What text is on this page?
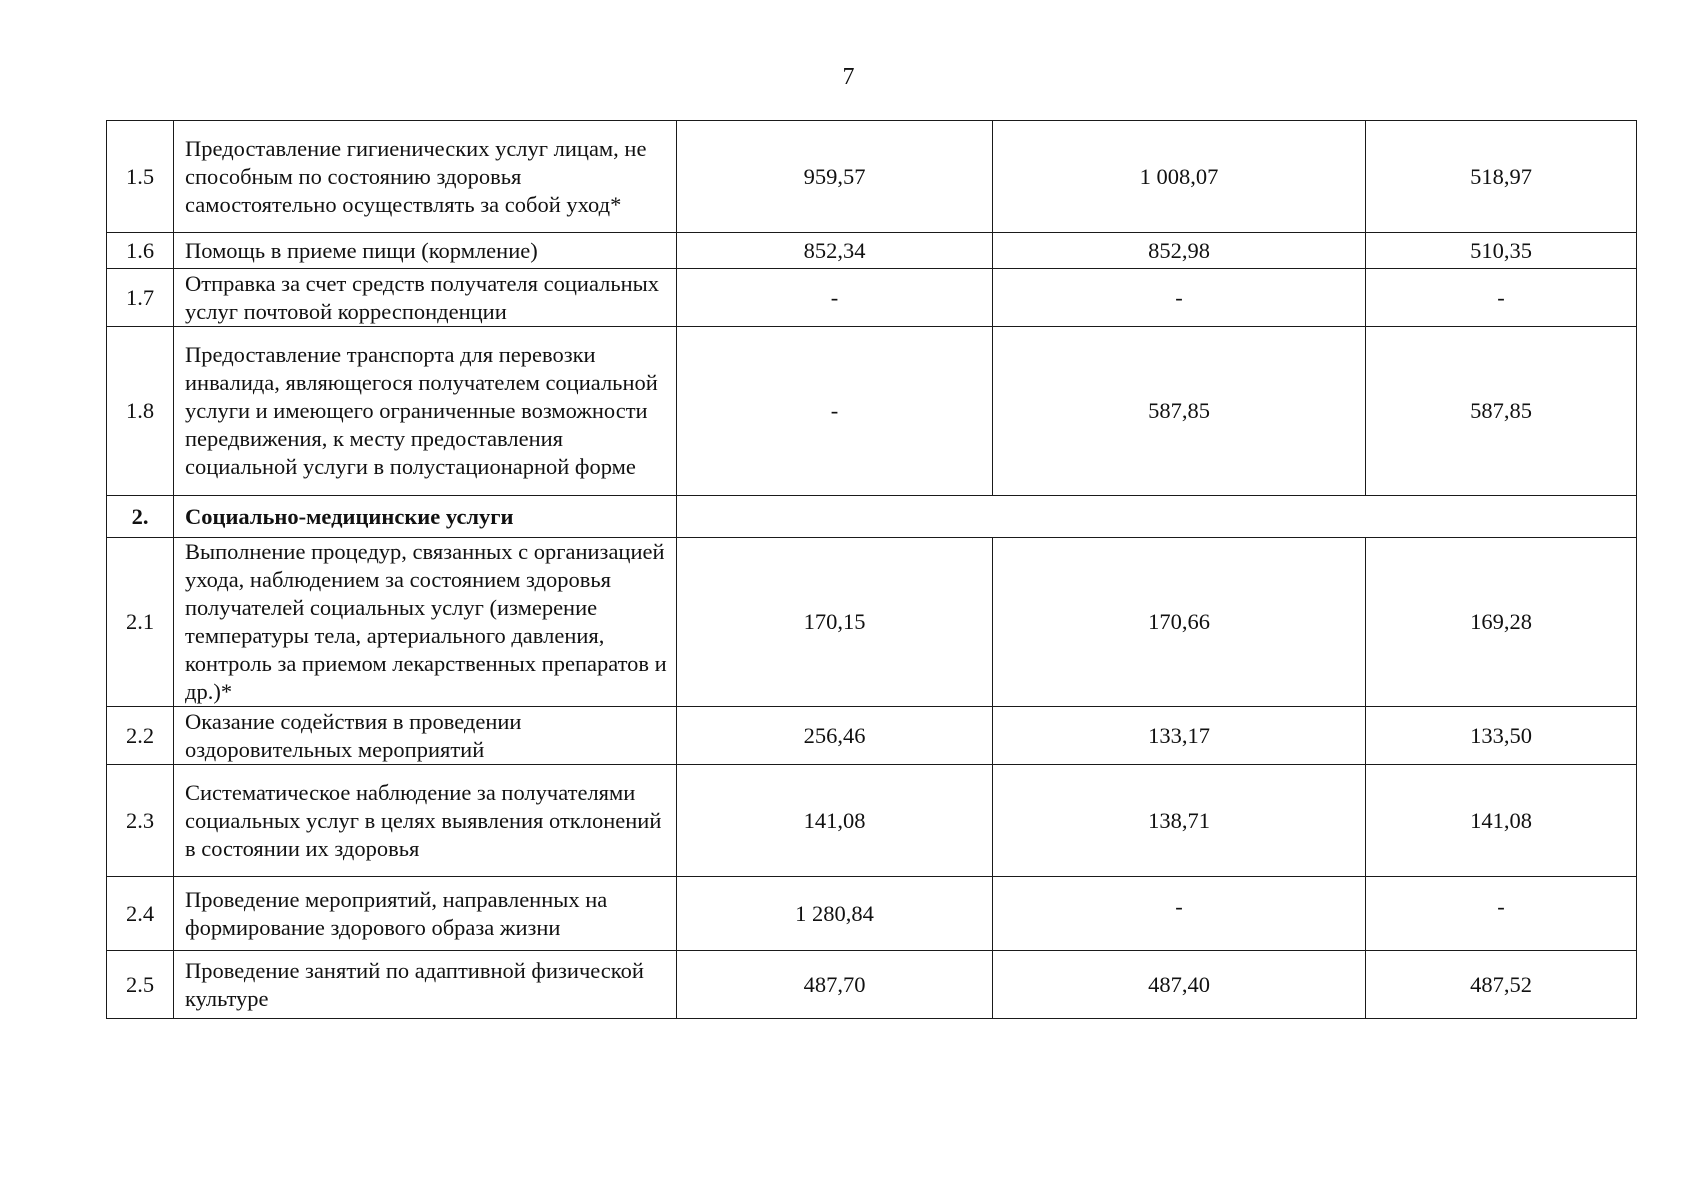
7
1.5	Предоставление гигиенических услуг лицам, не способным по состоянию здоровья самостоятельно осуществлять за собой уход*	959,57	1 008,07	518,97
1.6	Помощь в приеме пищи (кормление)	852,34	852,98	510,35
1.7	Отправка за счет средств получателя социальных услуг почтовой корреспонденции	-	-	-
1.8	Предоставление транспорта для перевозки инвалида, являющегося получателем социальной услуги и имеющего ограниченные возможности передвижения, к месту предоставления социальной услуги в полустационарной форме	-	587,85	587,85
2.	Социально-медицинские услуги			
2.1	Выполнение процедур, связанных с организацией ухода, наблюдением за состоянием здоровья получателей социальных услуг (измерение температуры тела, артериального давления, контроль за приемом лекарственных препаратов и др.)*	170,15	170,66	169,28
2.2	Оказание содействия в проведении оздоровительных мероприятий	256,46	133,17	133,50
2.3	Систематическое наблюдение за получателями социальных услуг в целях выявления отклонений в состоянии их здоровья	141,08	138,71	141,08
2.4	Проведение мероприятий, направленных на формирование здорового образа жизни	1 280,84	-	-
2.5	Проведение занятий по адаптивной физической культуре	487,70	487,40	487,52
